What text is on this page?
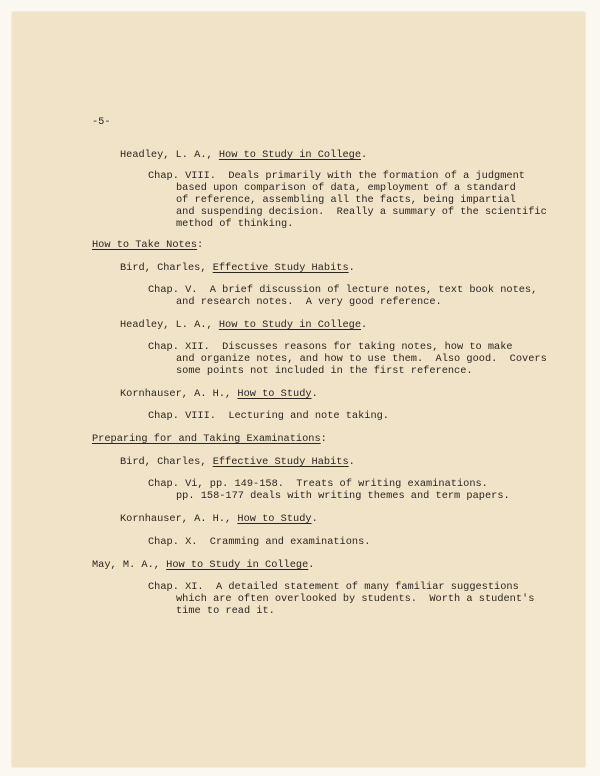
-5-
Headley, L. A., How to Study in College.
Chap. VIII.  Deals primarily with the formation of a judgment
based upon comparison of data, employment of a standard
of reference, assembling all the facts, being impartial
and suspending decision.  Really a summary of the scientific
method of thinking.
How to Take Notes:
Bird, Charles, Effective Study Habits.
Chap. V.  A brief discussion of lecture notes, text book notes,
and research notes.  A very good reference.
Headley, L. A., How to Study in College.
Chap. XII.  Discusses reasons for taking notes, how to make
and organize notes, and how to use them.  Also good.  Covers
some points not included in the first reference.
Kornhauser, A. H., How to Study.
Chap. VIII.  Lecturing and note taking.
Preparing for and Taking Examinations:
Bird, Charles, Effective Study Habits.
Chap. Vi, pp. 149-158.  Treats of writing examinations.
pp. 158-177 deals with writing themes and term papers.
Kornhauser, A. H., How to Study.
Chap. X.  Cramming and examinations.
May, M. A., How to Study in College.
Chap. XI.  A detailed statement of many familiar suggestions
which are often overlooked by students.  Worth a student's
time to read it.
